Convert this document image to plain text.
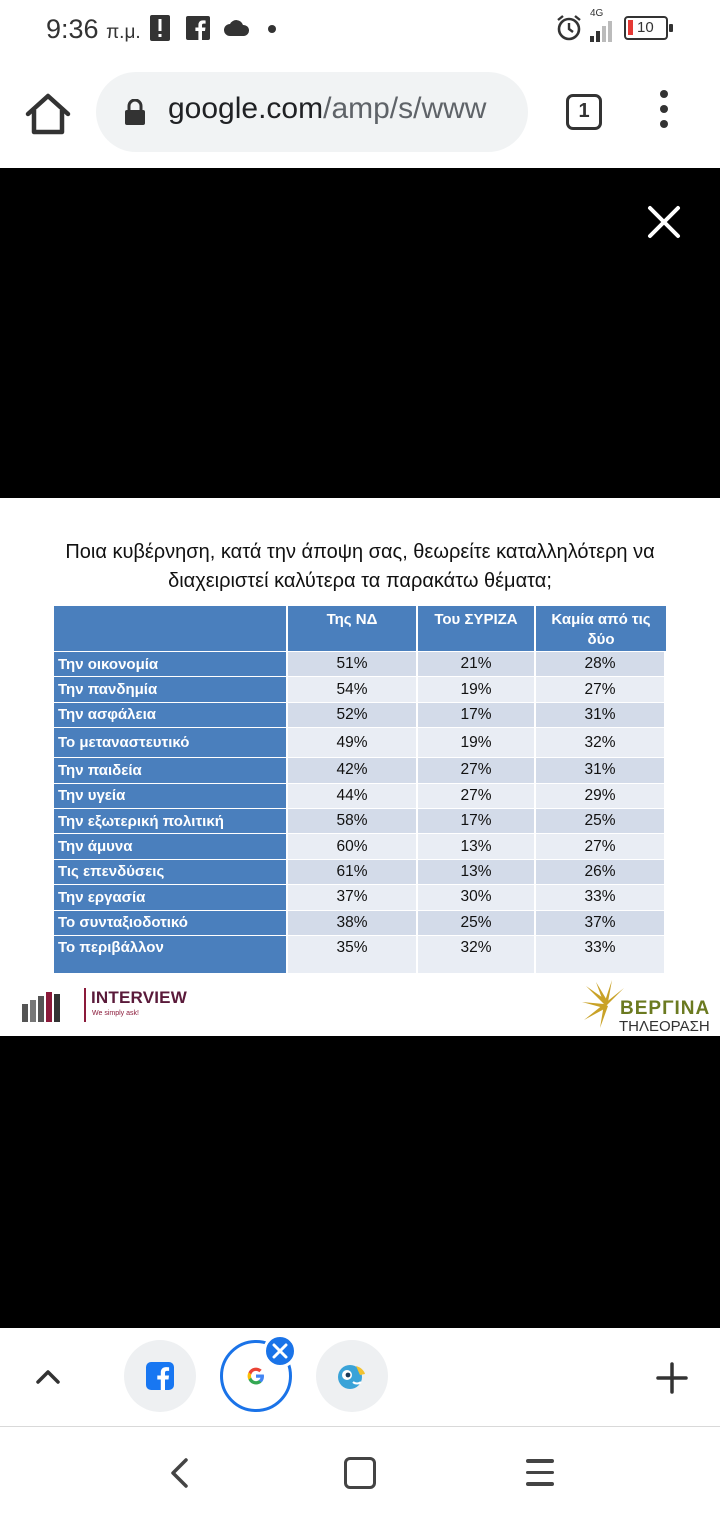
9:36 π.μ.
4G
10
google.com/amp/s/www	1
Ποια κυβέρνηση, κατά την άποψη σας, θεωρείτε καταλληλότερη να
διαχειριστεί καλύτερα τα παρακάτω θέματα;
	Της ΝΔ	Του ΣΥΡΙΖΑ	Καμία από τις δύο
Την οικονομία	51%	21%	28%
Την πανδημία	54%	19%	27%
Την ασφάλεια	52%	17%	31%
Το μεταναστευτικό	49%	19%	32%
Την παιδεία	42%	27%	31%
Την υγεία	44%	27%	29%
Την εξωτερική πολιτική	58%	17%	25%
Την άμυνα	60%	13%	27%
Τις επενδύσεις	61%	13%	26%
Την εργασία	37%	30%	33%
Το συνταξιοδοτικό	38%	25%	37%
Το περιβάλλον	35%	32%	33%
INTERVIEW
We simply ask!	ΒΕΡΓΙΝΑ
ΤΗΛΕΟΡΑΣΗ
